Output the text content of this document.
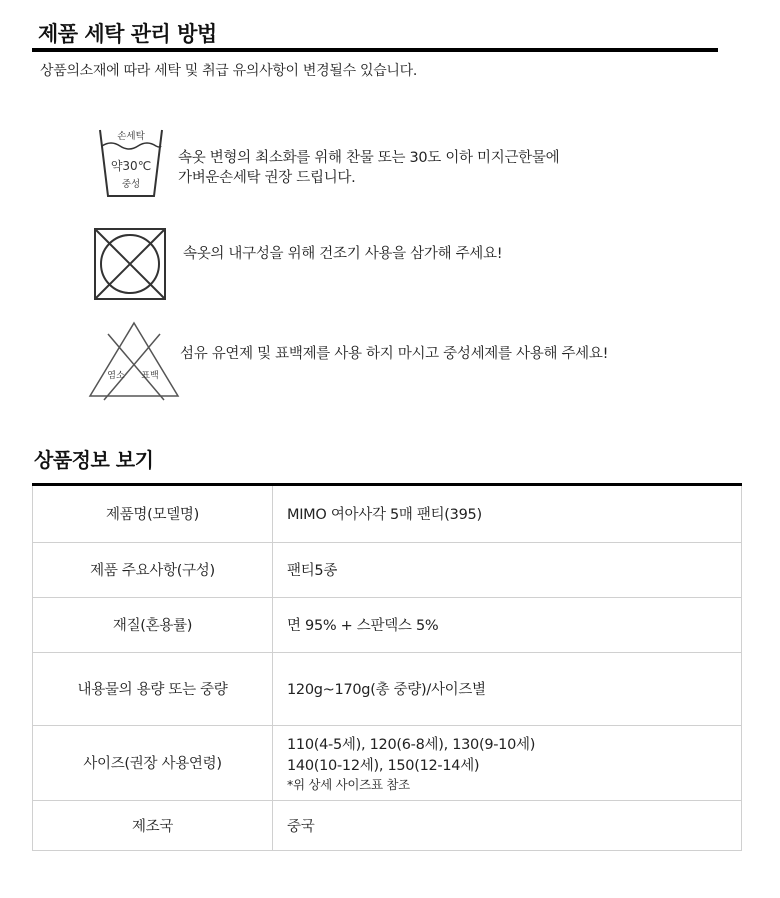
제품 세탁 관리 방법
상품의소재에 따라 세탁 및 취급 유의사항이 변경될수 있습니다.
손세탁
약30℃
중성
속옷 변형의 최소화를 위해 찬물 또는 30도 이하 미지근한물에
가벼운손세탁 권장 드립니다.
속옷의 내구성을 위해 건조기 사용을 삼가해 주세요!
염소 표백
섬유 유연제 및 표백제를 사용 하지 마시고 중성세제를 사용해 주세요!
상품정보 보기
제품명(모델명)	MIMO 여아사각 5매 팬티(395)
제품 주요사항(구성)	팬티5종
재질(혼용률)	면 95% + 스판덱스 5%
내용물의 용량 또는 중량	120g~170g(총 중량)/사이즈별
사이즈(권장 사용연령)	110(4-5세), 120(6-8세), 130(9-10세)
140(10-12세), 150(12-14세)
*위 상세 사이즈표 참조

제조국	중국
